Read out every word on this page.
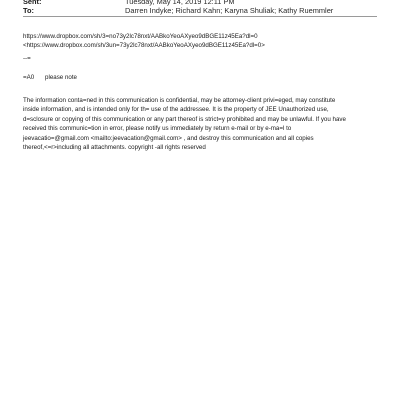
Sent:	Tuesday, May 14, 2019 12:11 PM
To:	Darren Indyke; Richard Kahn; Karyna Shuliak; Kathy Ruemmler
https://www.dropbox.com/sh/3=no73y2lc78nxt/AABkoYeoAXyeo9dBGE11z45Ea?dl=0
<https://www.dropbox.com/sh/3un=73y2lc78nxt/AABkoYeoAXyeo9dBGE11z45Ea?dl=0>
--=
=A0 please note
The information conta=ned in this communication is confidential, may be attorney-client privi=eged, may constitute
inside information, and is intended only for th= use of the addressee. It is the property of JEE Unauthorized use,
d=sclosure or copying of this communication or any part thereof is strict=y prohibited and may be unlawful. If you have
received this communic=tion in error, please notify us immediately by return e-mail or by e-ma=l to
jeevacatio=@gmail.com <mailto:jeevacation@gmail.com> , and destroy this communication and all copies
thereof,<=r>including all attachments. copyright -all rights reserved
